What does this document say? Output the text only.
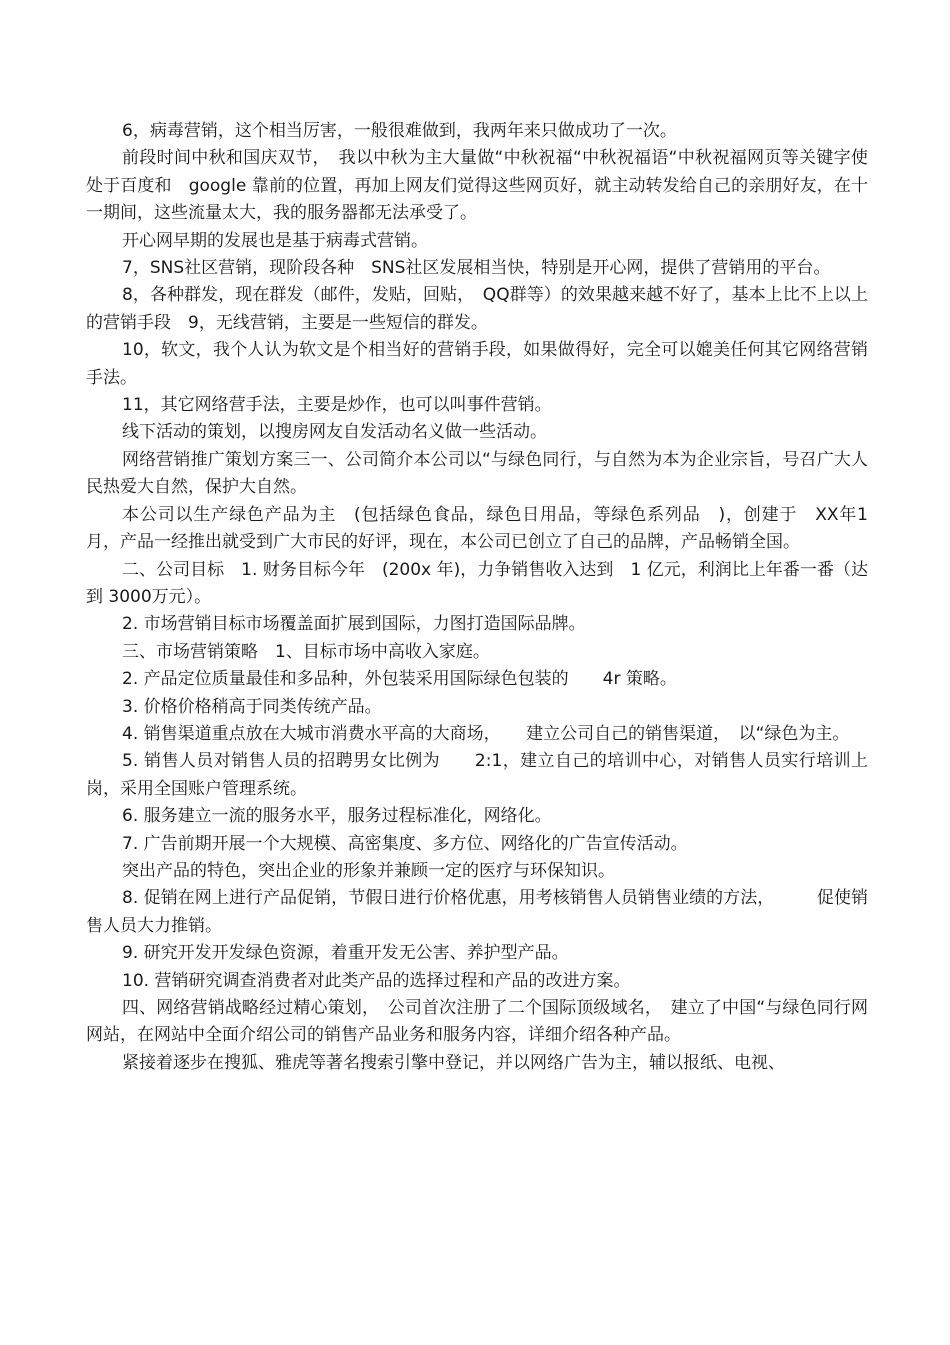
6，病毒营销，这个相当厉害，一般很难做到，我两年来只做成功了一次。

前段时间中秋和国庆双节，　我以中秋为主大量做“中秋祝福“中秋祝福语“中秋祝福网页等关键字使处于百度和　google 靠前的位置，再加上网友们觉得这些网页好，就主动转发给自己的亲朋好友，在十一期间，这些流量太大，我的服务器都无法承受了。

开心网早期的发展也是基于病毒式营销。

7，SNS社区营销，现阶段各种　SNS社区发展相当快，特别是开心网，提供了营销用的平台。

8，各种群发，现在群发（邮件，发贴，回贴，　QQ群等）的效果越来越不好了，基本上比不上以上的营销手段　9，无线营销，主要是一些短信的群发。

10，软文，我个人认为软文是个相当好的营销手段，如果做得好，完全可以媲美任何其它网络营销手法。

11，其它网络营手法，主要是炒作，也可以叫事件营销。

线下活动的策划，以搜房网友自发活动名义做一些活动。

网络营销推广策划方案三一、公司简介本公司以“与绿色同行，与自然为本为企业宗旨，号召广大人民热爱大自然，保护大自然。

本公司以生产绿色产品为主　(包括绿色食品，绿色日用品，等绿色系列品　)，创建于　XX年1 月，产品一经推出就受到广大市民的好评，现在，本公司已创立了自己的品牌，产品畅销全国。

二、公司目标　1. 财务目标今年　(200x 年)，力争销售收入达到　1 亿元，利润比上年番一番（达到 3000万元）。

2. 市场营销目标市场覆盖面扩展到国际，力图打造国际品牌。

三、市场营销策略　1、目标市场中高收入家庭。

2. 产品定位质量最佳和多品种，外包装采用国际绿色包装的　　4r 策略。

3. 价格价格稍高于同类传统产品。

4. 销售渠道重点放在大城市消费水平高的大商场，　　建立公司自己的销售渠道，　以“绿色为主。

5. 销售人员对销售人员的招聘男女比例为　　2:1，建立自己的培训中心，对销售人员实行培训上岗，采用全国账户管理系统。

6. 服务建立一流的服务水平，服务过程标准化，网络化。

7. 广告前期开展一个大规模、高密集度、多方位、网络化的广告宣传活动。

突出产品的特色，突出企业的形象并兼顾一定的医疗与环保知识。

8. 促销在网上进行产品促销，节假日进行价格优惠，用考核销售人员销售业绩的方法，　　　促使销售人员大力推销。

9. 研究开发开发绿色资源，着重开发无公害、养护型产品。

10. 营销研究调查消费者对此类产品的选择过程和产品的改进方案。

四、网络营销战略经过精心策划，　公司首次注册了二个国际顶级域名，　建立了中国“与绿色同行网网站，在网站中全面介绍公司的销售产品业务和服务内容，详细介绍各种产品。

紧接着逐步在搜狐、雅虎等著名搜索引擎中登记，并以网络广告为主，辅以报纸、电视、
